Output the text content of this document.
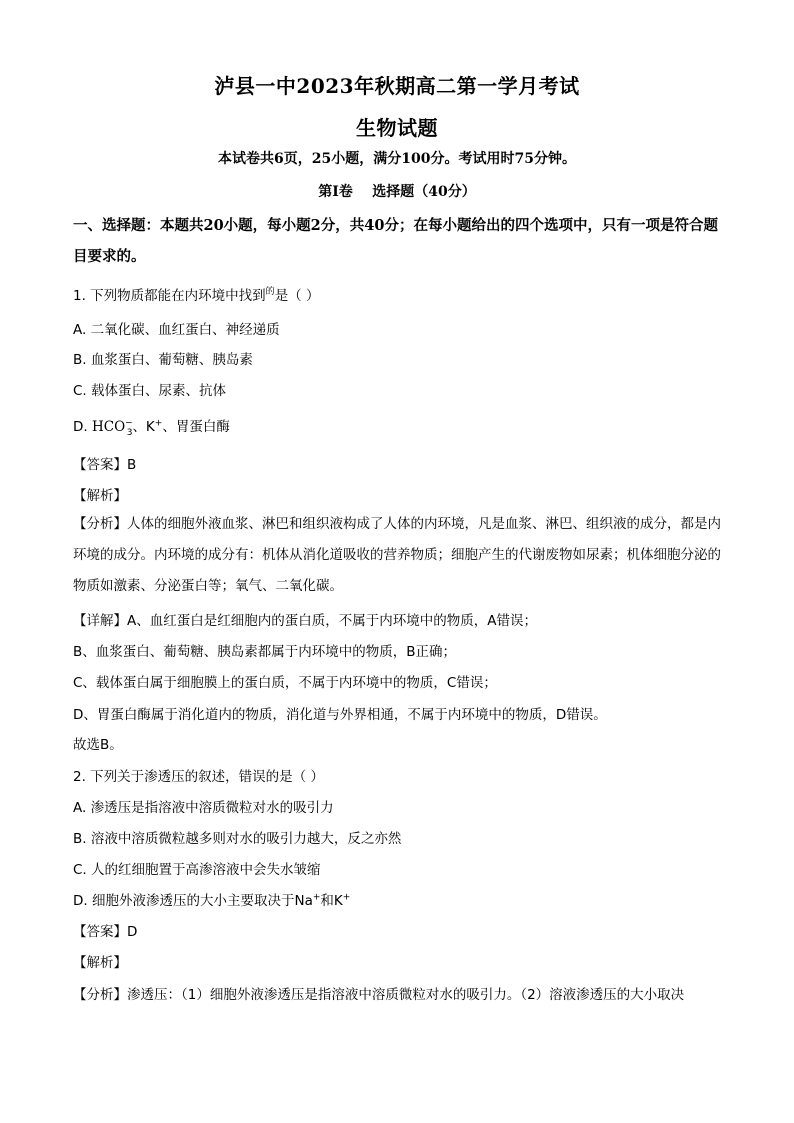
泸县一中2023年秋期高二第一学月考试
生物试题
本试卷共6页，25小题，满分100分。考试用时75分钟。
第I卷    选择题（40分）
一、选择题：本题共20小题，每小题2分，共40分；在每小题给出的四个选项中，只有一项是符合题目要求的。
1. 下列物质都能在内环境中找到$^的$是（ ）
A. 二氧化碳、血红蛋白、神经递质
B. 血浆蛋白、葡萄糖、胰岛素
C. 载体蛋白、尿素、抗体
D. $HCO^-_3$、K+、胃蛋白酶
【答案】B
【解析】
【分析】人体的细胞外液血浆、淋巴和组织液构成了人体的内环境，凡是血浆、淋巴、组织液的成分，都是内环境的成分。内环境的成分有：机体从消化道吸收的营养物质；细胞产生的代谢废物如尿素；机体细胞分泌的物质如激素、分泌蛋白等；氧气、二氧化碳。
【详解】A、血红蛋白是红细胞内的蛋白质，不属于内环境中的物质，A错误；
B、血浆蛋白、葡萄糖、胰岛素都属于内环境中的物质，B正确；
C、载体蛋白属于细胞膜上的蛋白质，不属于内环境中的物质，C错误；
D、胃蛋白酶属于消化道内的物质，消化道与外界相通，不属于内环境中的物质，D错误。
故选B。
2. 下列关于渗透压的叙述，错误的是（ ）
A. 渗透压是指溶液中溶质微粒对水的吸引力
B. 溶液中溶质微粒越多则对水的吸引力越大，反之亦然
C. 人的红细胞置于高渗溶液中会失水皱缩
D. 细胞外液渗透压的大小主要取决于Na+和K+
【答案】D
【解析】
【分析】渗透压：（1）细胞外液渗透压是指溶液中溶质微粒对水的吸引力。（2）溶液渗透压的大小取决
